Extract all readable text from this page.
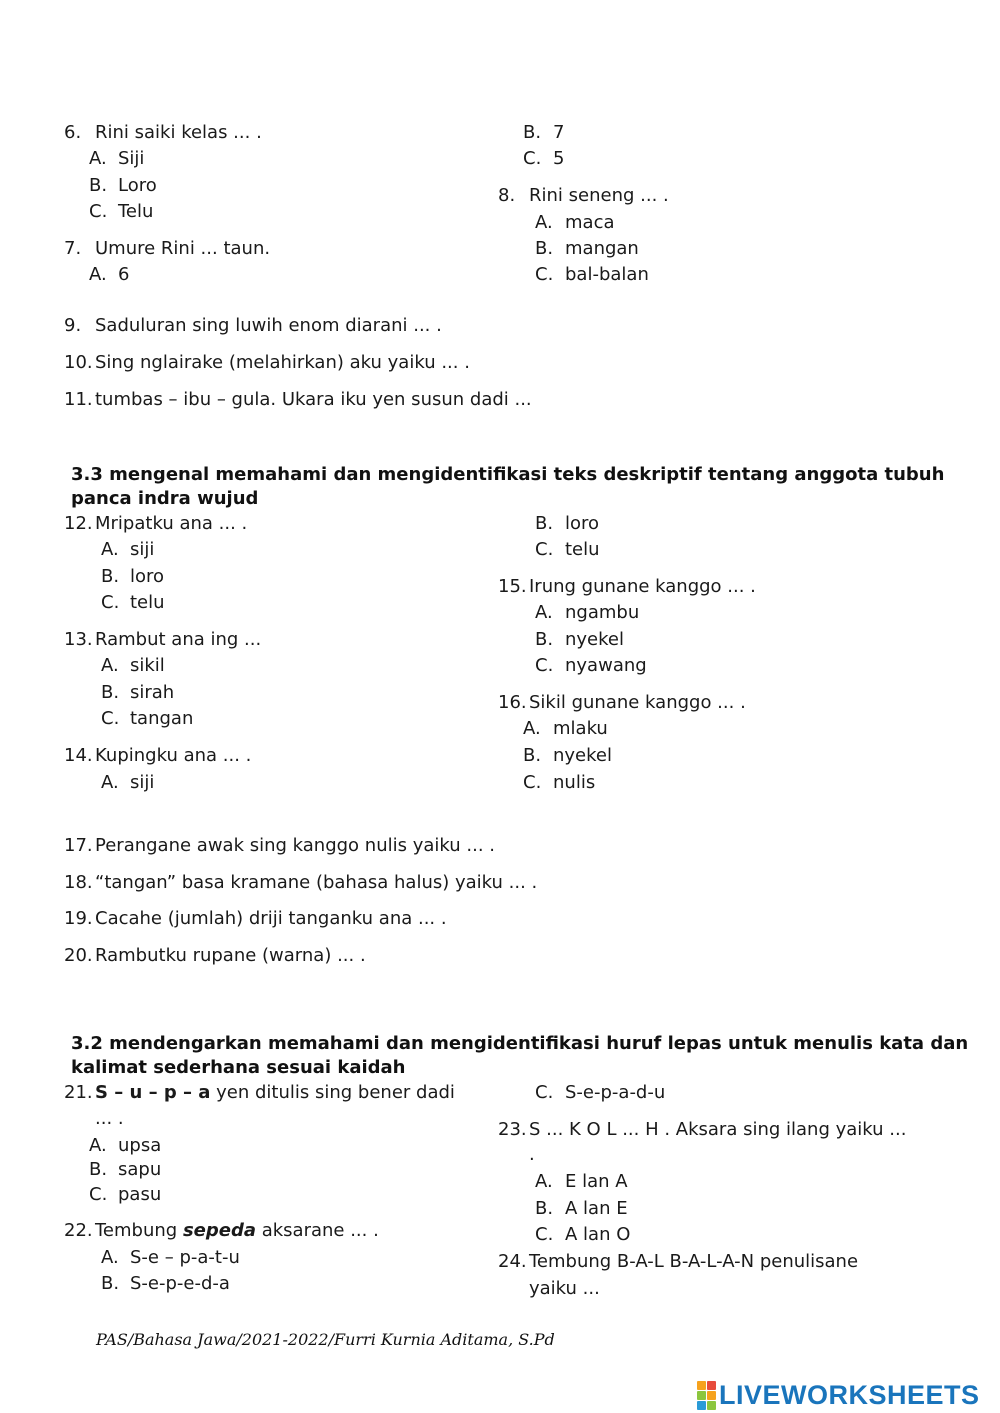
6. Rini saiki kelas ... .
A. Siji
B. Loro
C. Telu
7. Umure Rini ... taun.
A. 6
B. 7
C. 5
8. Rini seneng ... .
A. maca
B. mangan
C. bal-balan
9. Saduluran sing luwih enom diarani ... .
10. Sing nglairake (melahirkan) aku yaiku ... .
11. tumbas – ibu – gula. Ukara iku yen susun dadi ...
3.3 mengenal memahami dan mengidentifikasi teks deskriptif tentang anggota tubuh
panca indra wujud
12. Mripatku ana ... .
A. siji
B. loro
C. telu
13. Rambut ana ing ...
A. sikil
B. sirah
C. tangan
14. Kupingku ana ... .
A. siji
B. loro
C. telu
15. Irung gunane kanggo ... .
A. ngambu
B. nyekel
C. nyawang
16. Sikil gunane kanggo ... .
A. mlaku
B. nyekel
C. nulis
17. Perangane awak sing kanggo nulis yaiku ... .
18. “tangan” basa kramane (bahasa halus) yaiku ... .
19. Cacahe (jumlah) driji tanganku ana ... .
20. Rambutku rupane (warna) ... .
3.2 mendengarkan memahami dan mengidentifikasi huruf lepas untuk menulis kata dan
kalimat sederhana sesuai kaidah
21. S – u – p – a yen ditulis sing bener dadi
... .
A. upsa
B. sapu
C. pasu
22. Tembung sepeda aksarane ... .
A. S-e – p-a-t-u
B. S-e-p-e-d-a
C. S-e-p-a-d-u
23. S ... K O L ... H . Aksara sing ilang yaiku ...
.
A. E lan A
B. A lan E
C. A lan O
24. Tembung B-A-L B-A-L-A-N penulisane
yaiku ...
PAS/Bahasa Jawa/2021-2022/Furri Kurnia Aditama, S.Pd
LIVEWORKSHEETS
